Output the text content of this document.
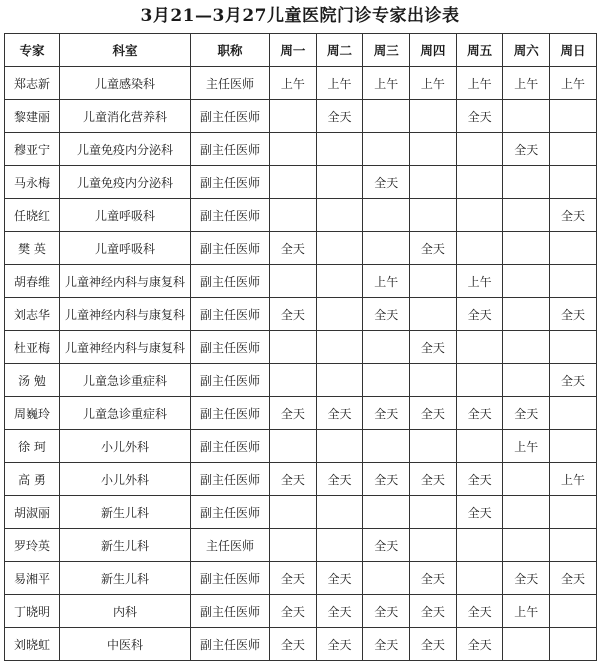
3月21—3月27儿童医院门诊专家出诊表
专家	科室	职称	周一	周二	周三	周四	周五	周六	周日
郑志新	儿童感染科	主任医师	上午	上午	上午	上午	上午	上午	上午
黎建丽	儿童消化营养科	副主任医师		全天			全天		
穆亚宁	儿童免疫内分泌科	副主任医师						全天	
马永梅	儿童免疫内分泌科	副主任医师			全天				
任晓红	儿童呼吸科	副主任医师							全天
樊 英	儿童呼吸科	副主任医师	全天			全天			
胡春维	儿童神经内科与康复科	副主任医师			上午		上午		
刘志华	儿童神经内科与康复科	副主任医师	全天		全天		全天		全天
杜亚梅	儿童神经内科与康复科	副主任医师				全天			
汤 勉	儿童急诊重症科	副主任医师							全天
周巍玲	儿童急诊重症科	副主任医师	全天	全天	全天	全天	全天	全天	
徐 珂	小儿外科	副主任医师						上午	
高 勇	小儿外科	副主任医师	全天	全天	全天	全天	全天		上午
胡淑丽	新生儿科	副主任医师					全天		
罗玲英	新生儿科	主任医师			全天				
易湘平	新生儿科	副主任医师	全天	全天		全天		全天	全天
丁晓明	内科	副主任医师	全天	全天	全天	全天	全天	上午	
刘晓虹	中医科	副主任医师	全天	全天	全天	全天	全天		
